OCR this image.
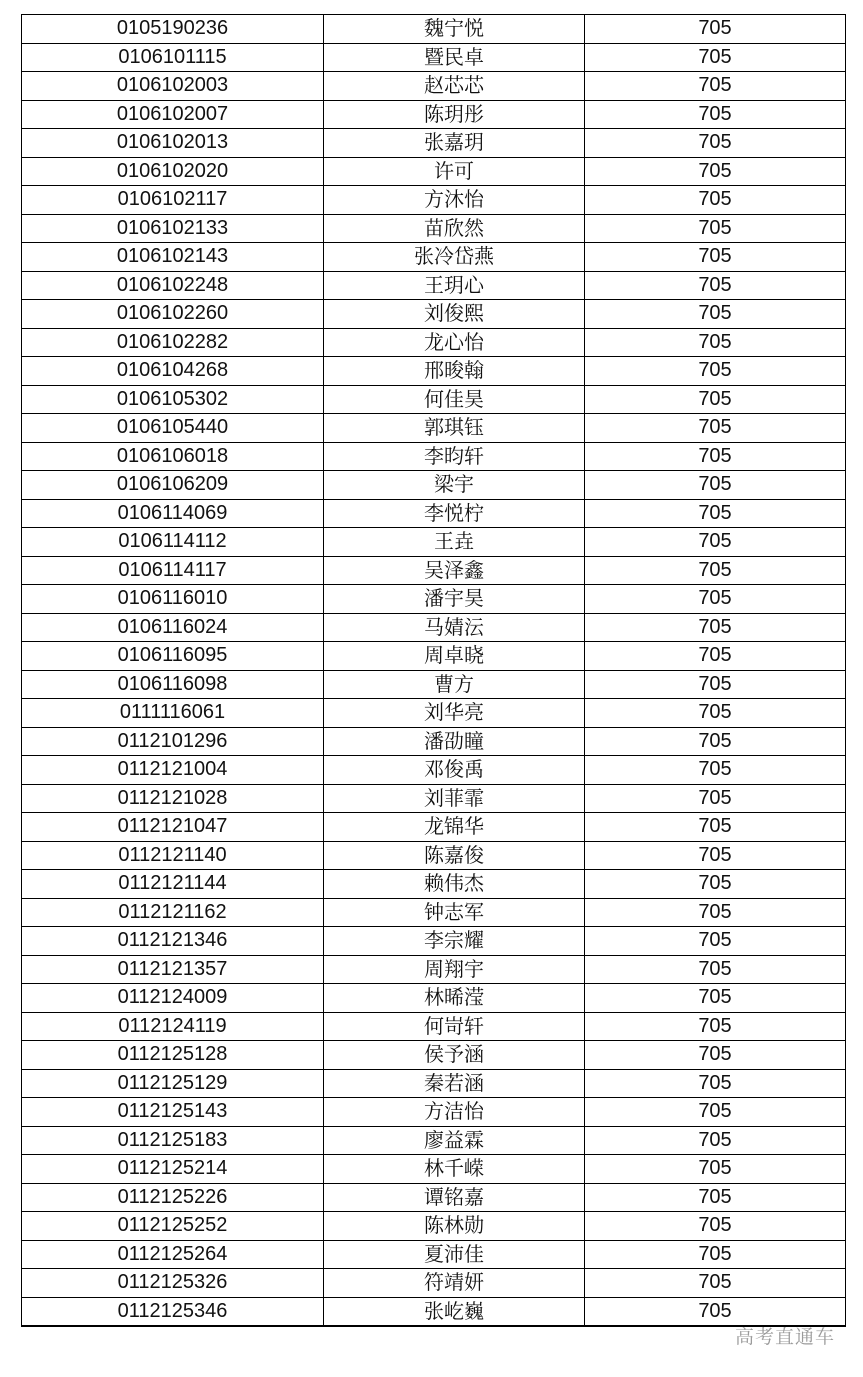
0105190236	魏宁悦	705
0106101115	暨民卓	705
0106102003	赵芯芯	705
0106102007	陈玥彤	705
0106102013	张嘉玥	705
0106102020	许可	705
0106102117	方沐怡	705
0106102133	苗欣然	705
0106102143	张冷岱燕	705
0106102248	王玥心	705
0106102260	刘俊熙	705
0106102282	龙心怡	705
0106104268	邢晙翰	705
0106105302	何佳昊	705
0106105440	郭琪钰	705
0106106018	李昀轩	705
0106106209	梁宇	705
0106114069	李悦柠	705
0106114112	王垚	705
0106114117	吴泽鑫	705
0106116010	潘宇昊	705
0106116024	马婧沄	705
0106116095	周卓晓	705
0106116098	曹方	705
0111116061	刘华亮	705
0112101296	潘劭瞳	705
0112121004	邓俊禹	705
0112121028	刘菲霏	705
0112121047	龙锦华	705
0112121140	陈嘉俊	705
0112121144	赖伟杰	705
0112121162	钟志军	705
0112121346	李宗耀	705
0112121357	周翔宇	705
0112124009	林晞滢	705
0112124119	何岢轩	705
0112125128	侯予涵	705
0112125129	秦若涵	705
0112125143	方洁怡	705
0112125183	廖益霖	705
0112125214	林千嵘	705
0112125226	谭铭嘉	705
0112125252	陈林勋	705
0112125264	夏沛佳	705
0112125326	符靖妍	705
0112125346	张屹巍	705
高考直通车
